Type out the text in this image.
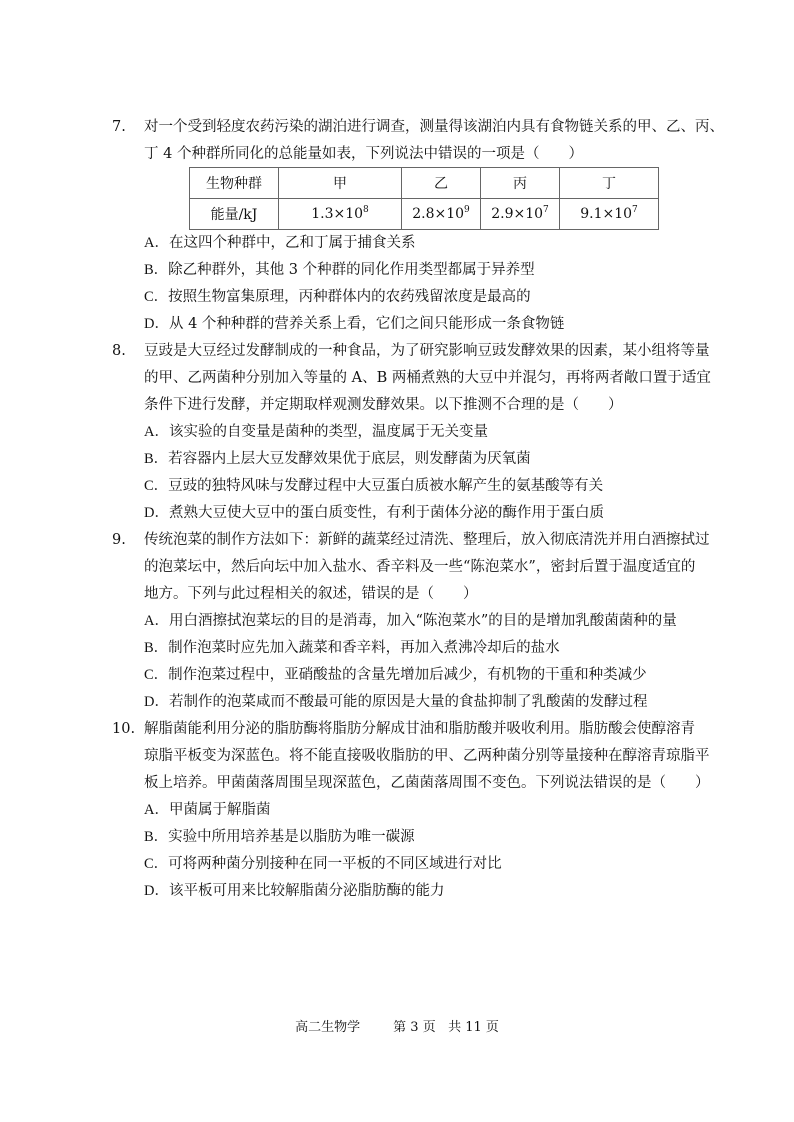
7.	对一个受到轻度农药污染的湖泊进行调查，测量得该湖泊内具有食物链关系的甲、乙、丙、
丁 4 个种群所同化的总能量如表，下列说法中错误的一项是（　　）
生物种群	甲	乙	丙	丁
能量/kJ	$1.3\times 10^8$	$2.8\times 10^9$	$2.9\times 10^7$	$9.1\times 10^7$
A．在这四个种群中，乙和丁属于捕食关系
B．除乙种群外，其他 3 个种群的同化作用类型都属于异养型
C．按照生物富集原理，丙种群体内的农药残留浓度是最高的
D．从 4 个种种群的营养关系上看，它们之间只能形成一条食物链
8.	豆豉是大豆经过发酵制成的一种食品，为了研究影响豆豉发酵效果的因素，某小组将等量
的甲、乙两菌种分别加入等量的 A、B 两桶煮熟的大豆中并混匀，再将两者敞口置于适宜
条件下进行发酵，并定期取样观测发酵效果。以下推测不合理的是（　　）
A．该实验的自变量是菌种的类型，温度属于无关变量
B．若容器内上层大豆发酵效果优于底层，则发酵菌为厌氧菌
C．豆豉的独特风味与发酵过程中大豆蛋白质被水解产生的氨基酸等有关
D．煮熟大豆使大豆中的蛋白质变性，有利于菌体分泌的酶作用于蛋白质
9.	传统泡菜的制作方法如下：新鲜的蔬菜经过清洗、整理后，放入彻底清洗并用白酒擦拭过
的泡菜坛中，然后向坛中加入盐水、香辛料及一些“陈泡菜水”，密封后置于温度适宜的
地方。下列与此过程相关的叙述，错误的是（　　）
A．用白酒擦拭泡菜坛的目的是消毒，加入“陈泡菜水”的目的是增加乳酸菌菌种的量
B．制作泡菜时应先加入蔬菜和香辛料，再加入煮沸冷却后的盐水
C．制作泡菜过程中，亚硝酸盐的含量先增加后减少，有机物的干重和种类减少
D．若制作的泡菜咸而不酸最可能的原因是大量的食盐抑制了乳酸菌的发酵过程
10. 解脂菌能利用分泌的脂肪酶将脂肪分解成甘油和脂肪酸并吸收利用。脂肪酸会使醇溶青
琼脂平板变为深蓝色。将不能直接吸收脂肪的甲、乙两种菌分别等量接种在醇溶青琼脂平
板上培养。甲菌菌落周围呈现深蓝色，乙菌菌落周围不变色。下列说法错误的是（　　）
A．甲菌属于解脂菌
B．实验中所用培养基是以脂肪为唯一碳源
C．可将两种菌分别接种在同一平板的不同区域进行对比
D．该平板可用来比较解脂菌分泌脂肪酶的能力
高二生物学	第 3 页 共 11 页
